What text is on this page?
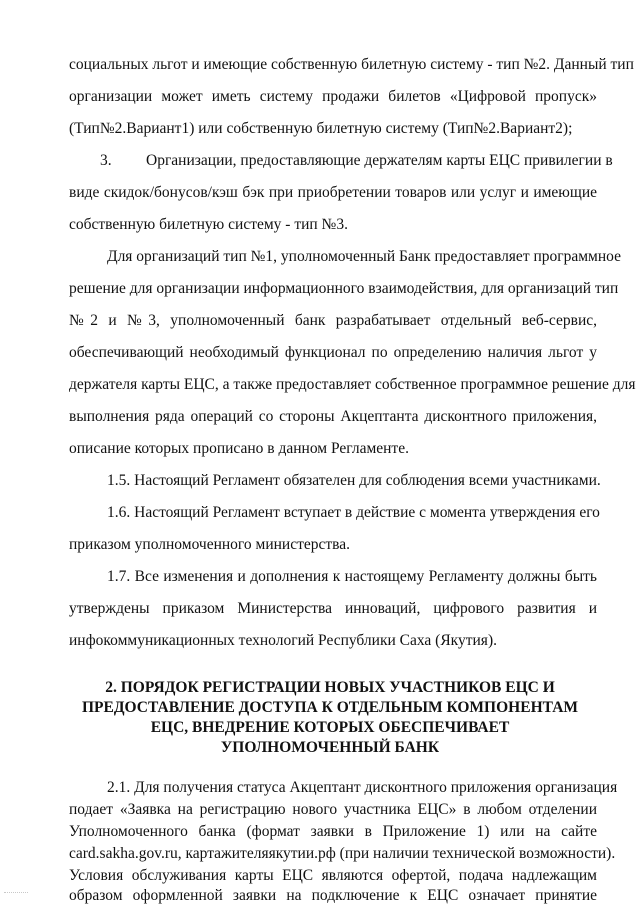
социальных льгот и имеющие собственную билетную систему - тип №2. Данный тип
организации может иметь систему продажи билетов «Цифровой пропуск»
(Тип№2.Вариант1) или собственную билетную систему (Тип№2.Вариант2);
3. Организации, предоставляющие держателям карты ЕЦС привилегии в
виде скидок/бонусов/кэш бэк при приобретении товаров или услуг и имеющие
собственную билетную систему - тип №3.
Для организаций тип №1, уполномоченный Банк предоставляет программное
решение для организации информационного взаимодействия, для организаций тип
№2 и №3, уполномоченный банк разрабатывает отдельный веб-сервис,
обеспечивающий необходимый функционал по определению наличия льгот у
держателя карты ЕЦС, а также предоставляет собственное программное решение для
выполнения ряда операций со стороны Акцептанта дисконтного приложения,
описание которых прописано в данном Регламенте.
1.5. Настоящий Регламент обязателен для соблюдения всеми участниками.
1.6. Настоящий Регламент вступает в действие с момента утверждения его
приказом уполномоченного министерства.
1.7. Все изменения и дополнения к настоящему Регламенту должны быть
утверждены приказом Министерства инноваций, цифрового развития и
инфокоммуникационных технологий Республики Саха (Якутия).
2. ПОРЯДОК РЕГИСТРАЦИИ НОВЫХ УЧАСТНИКОВ ЕЦС И
ПРЕДОСТАВЛЕНИЕ ДОСТУПА К ОТДЕЛЬНЫМ КОМПОНЕНТАМ
ЕЦС, ВНЕДРЕНИЕ КОТОРЫХ ОБЕСПЕЧИВАЕТ
УПОЛНОМОЧЕННЫЙ БАНК
2.1. Для получения статуса Акцептант дисконтного приложения организация
подает «Заявка на регистрацию нового участника ЕЦС» в любом отделении
Уполномоченного банка (формат заявки в Приложение 1) или на сайте
card.sakha.gov.ru, картажителяякутии.рф (при наличии технической возможности).
Условия обслуживания карты ЕЦС являются офертой, подача надлежащим
образом оформленной заявки на подключение к ЕЦС означает принятие
